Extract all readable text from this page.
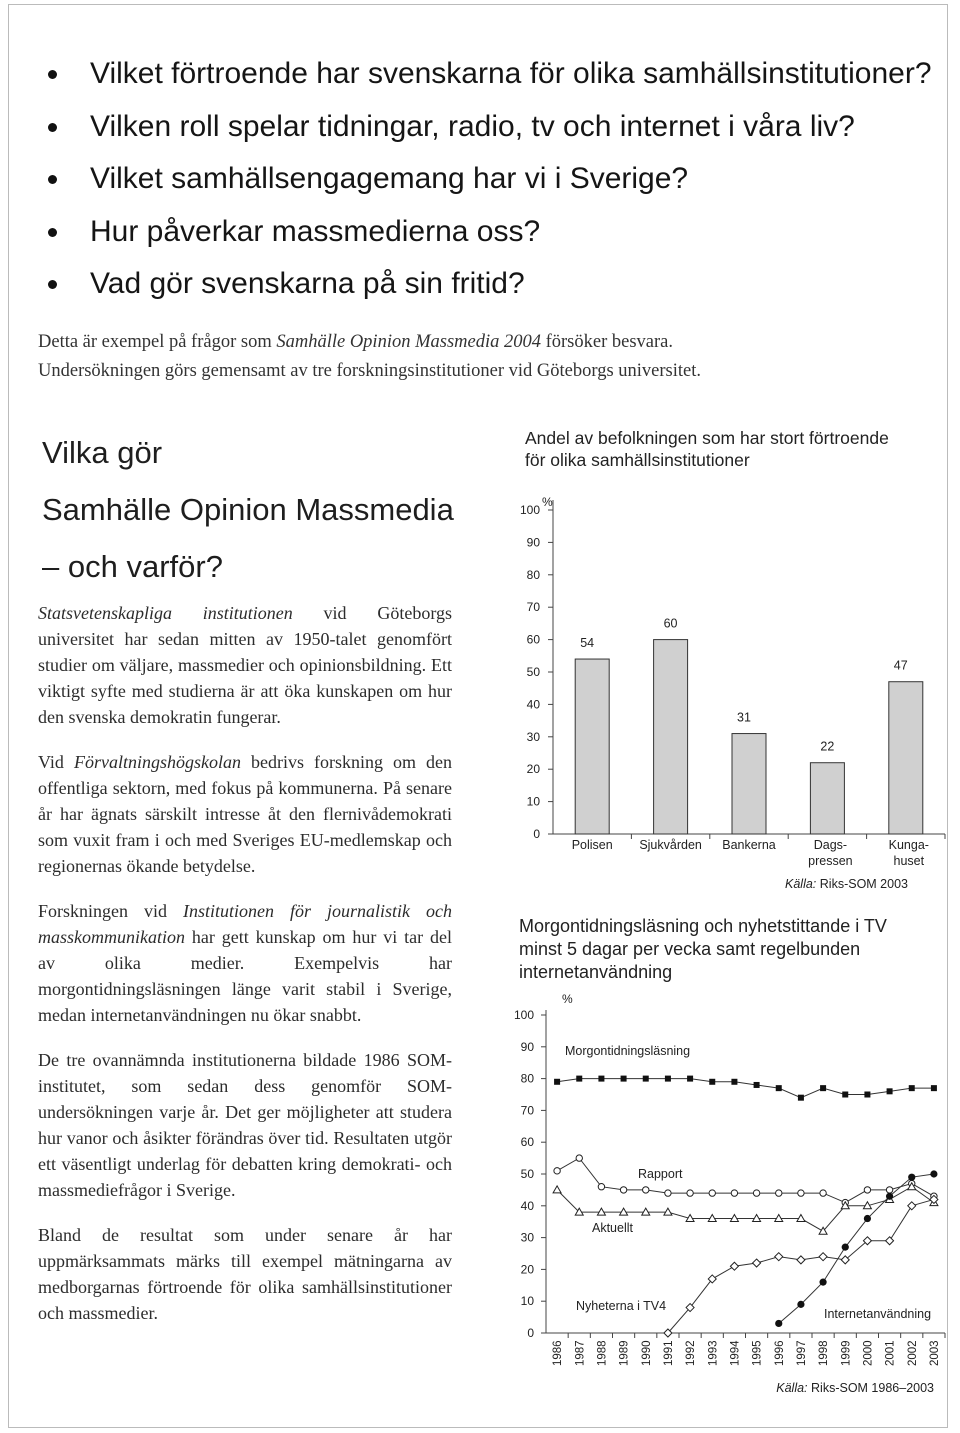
Vilket förtroende har svenskarna för olika samhällsinstitutioner?
Vilken roll spelar tidningar, radio, tv och internet i våra liv?
Vilket samhällsengagemang har vi i Sverige?
Hur påverkar massmedierna oss?
Vad gör svenskarna på sin fritid?

Detta är exempel på frågor som Samhälle Opinion Massmedia 2004 försöker besvara.

Undersökningen görs gemensamt av tre forskningsinstitutioner vid Göteborgs universitet.

Vilka gör
Samhälle Opinion Massmedia
– och varför?

Statsvetenskapliga institutionen vid Göteborgs universitet har sedan mitten av 1950-talet genomfört studier om väljare, massmedier och opinionsbildning. Ett viktigt syfte med studierna är att öka kunskapen om hur den svenska demokratin fungerar.

Vid Förvaltningshögskolan bedrivs forskning om den offentliga sektorn, med fokus på kommunerna. På senare år har ägnats särskilt intresse åt den flernivådemokrati som vuxit fram i och med Sveriges EU-medlemskap och regionernas ökande betydelse.

Forskningen vid Institutionen för journalistik och masskommunikation har gett kunskap om hur vi tar del av olika medier. Exempelvis har morgontidningsläsningen länge varit stabil i Sverige, medan internetanvändningen nu ökar snabbt.

De tre ovannämnda institutionerna bildade 1986 SOM-institutet, som sedan dess genomför SOM-undersökningen varje år. Det ger möjligheter att studera hur vanor och åsikter förändras över tid. Resultaten utgör ett väsentligt underlag för debatten kring demokrati- och massmediefrågor i Sverige.

Bland de resultat som under senare år har uppmärksammats märks till exempel mätningarna av medborgarnas förtroende för olika samhällsinstitutioner och massmedier.

Andel av befolkningen som har stort förtroende
för olika samhällsinstitutioner
%
0
10
20
30
40
50
60
70
80
90
100
54
Polisen
60
Sjukvården
31
Bankerna
22
Dags-
pressen
47
Kunga-
huset
Källa: Riks-SOM 2003
Morgontidningsläsning och nyhetstittande i TV
minst 5 dagar per vecka samt regelbunden
internetanvändning
%
0
10
20
30
40
50
60
70
80
90
100
1986 1987 1988 1989 1990 1991 1992 1993 1994 1995 1996 1997 1998 1999 2000 2001 2002 2003
Morgontidningsläsning
Rapport
Aktuellt
Nyheterna i TV4
Internetanvändning
Källa: Riks-SOM 1986–2003
